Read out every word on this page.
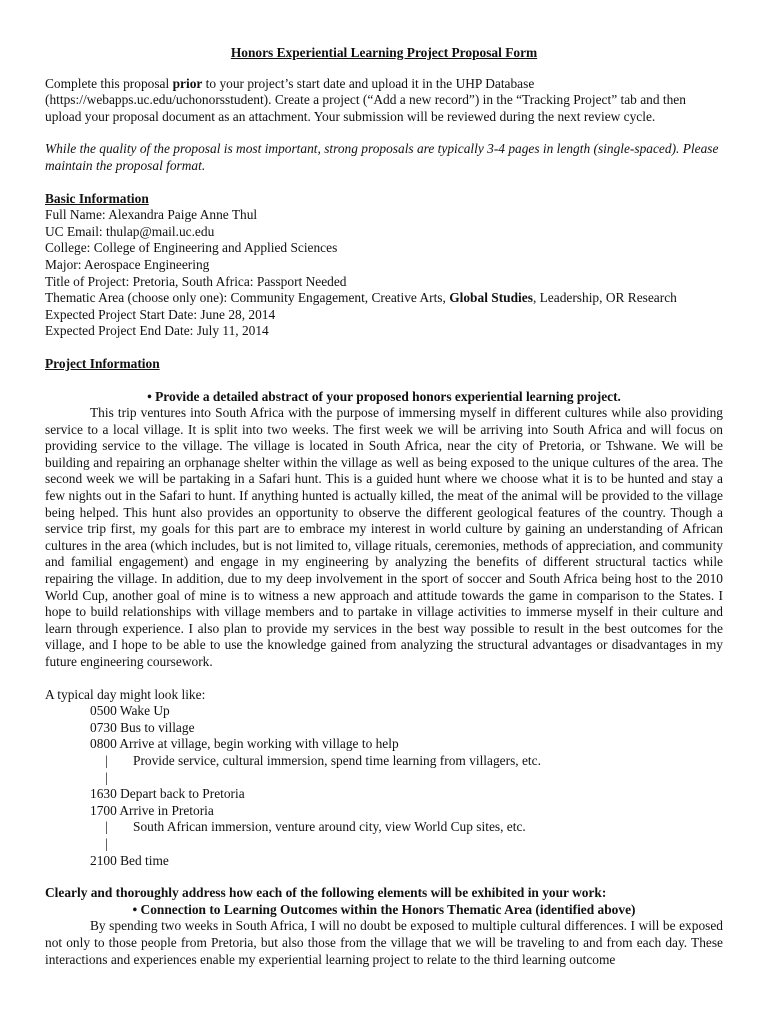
Honors Experiential Learning Project Proposal Form

Complete this proposal prior to your project’s start date and upload it in the UHP Database (https://webapps.uc.edu/uchonorsstudent). Create a project (“Add a new record”) in the “Tracking Project” tab and then upload your proposal document as an attachment. Your submission will be reviewed during the next review cycle.

While the quality of the proposal is most important, strong proposals are typically 3-4 pages in length (single-spaced). Please maintain the proposal format.

Basic Information

Full Name: Alexandra Paige Anne Thul

UC Email: thulap@mail.uc.edu

College: College of Engineering and Applied Sciences

Major: Aerospace Engineering

Title of Project: Pretoria, South Africa: Passport Needed

Thematic Area (choose only one): Community Engagement, Creative Arts, Global Studies, Leadership, OR Research

Expected Project Start Date: June 28, 2014

Expected Project End Date: July 11, 2014

Project Information

• Provide a detailed abstract of your proposed honors experiential learning project.

This trip ventures into South Africa with the purpose of immersing myself in different cultures while also providing service to a local village. It is split into two weeks. The first week we will be arriving into South Africa and will focus on providing service to the village. The village is located in South Africa, near the city of Pretoria, or Tshwane. We will be building and repairing an orphanage shelter within the village as well as being exposed to the unique cultures of the area. The second week we will be partaking in a Safari hunt. This is a guided hunt where we choose what it is to be hunted and stay a few nights out in the Safari to hunt. If anything hunted is actually killed, the meat of the animal will be provided to the village being helped. This hunt also provides an opportunity to observe the different geological features of the country. Though a service trip first, my goals for this part are to embrace my interest in world culture by gaining an understanding of African cultures in the area (which includes, but is not limited to, village rituals, ceremonies, methods of appreciation, and community and familial engagement) and engage in my engineering by analyzing the benefits of different structural tactics while repairing the village. In addition, due to my deep involvement in the sport of soccer and South Africa being host to the 2010 World Cup, another goal of mine is to witness a new approach and attitude towards the game in comparison to the States. I hope to build relationships with village members and to partake in village activities to immerse myself in their culture and learn through experience. I also plan to provide my services in the best way possible to result in the best outcomes for the village, and I hope to be able to use the knowledge gained from analyzing the structural advantages or disadvantages in my future engineering coursework.

A typical day might look like:

0500 Wake Up

0730 Bus to village

0800 Arrive at village, begin working with village to help

| Provide service, cultural immersion, spend time learning from villagers, etc.

|

1630 Depart back to Pretoria

1700 Arrive in Pretoria

| South African immersion, venture around city, view World Cup sites, etc.

|

2100 Bed time

Clearly and thoroughly address how each of the following elements will be exhibited in your work:

• Connection to Learning Outcomes within the Honors Thematic Area (identified above)

By spending two weeks in South Africa, I will no doubt be exposed to multiple cultural differences. I will be exposed not only to those people from Pretoria, but also those from the village that we will be traveling to and from each day. These interactions and experiences enable my experiential learning project to relate to the third learning outcome
